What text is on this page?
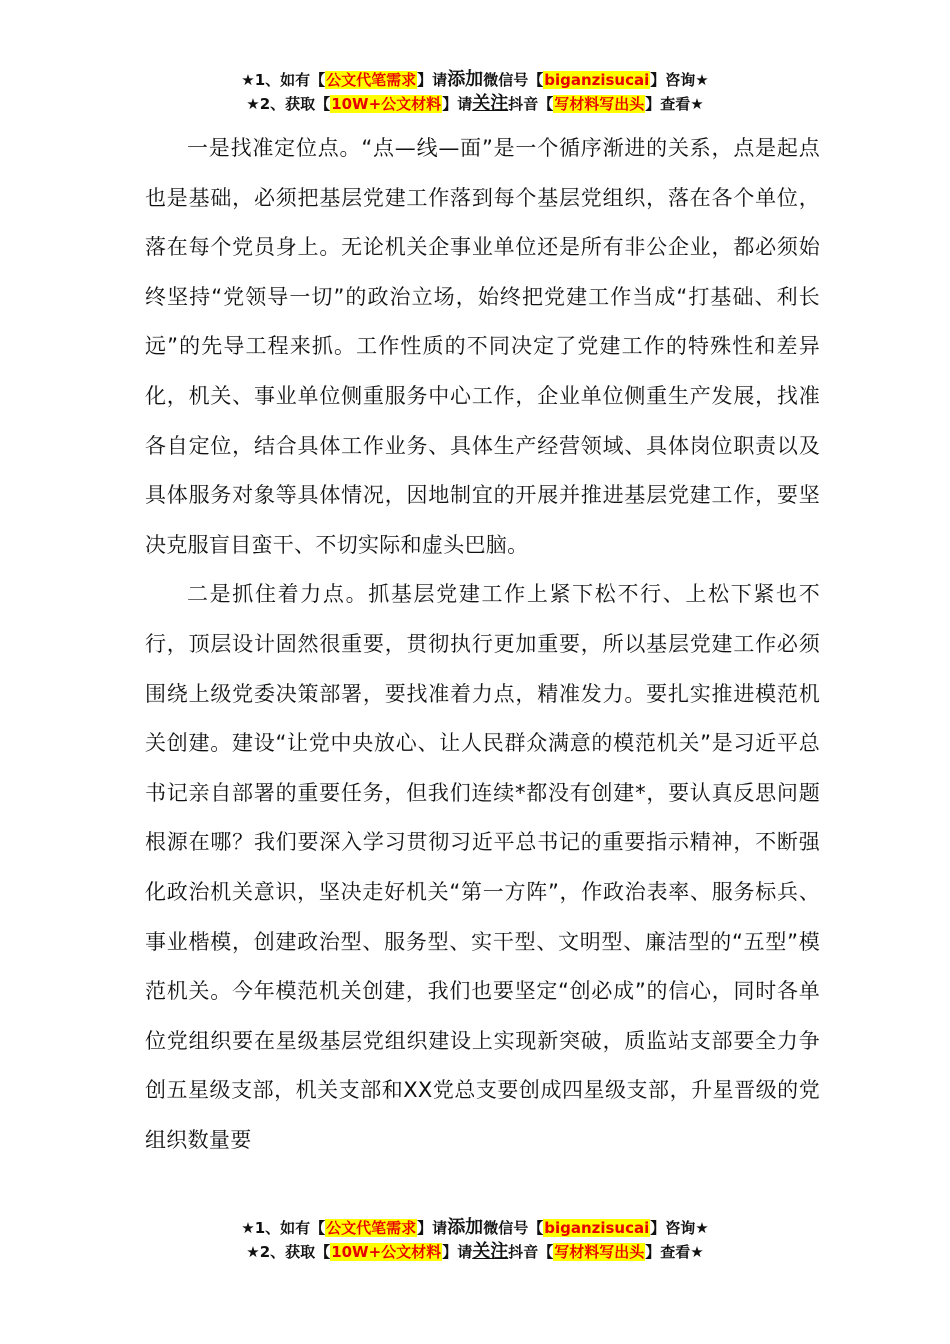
★1、如有【公文代笔需求】请添加微信号【biganzisucai】咨询★
★2、获取【10W+公文材料】请关注抖音【写材料写出头】查看★

一是找准定位点。“点—线—面”是一个循序渐进的关系，点是起点也是基础，必须把基层党建工作落到每个基层党组织，落在各个单位，落在每个党员身上。无论机关企事业单位还是所有非公企业，都必须始终坚持“党领导一切”的政治立场，始终把党建工作当成“打基础、利长远”的先导工程来抓。工作性质的不同决定了党建工作的特殊性和差异化，机关、事业单位侧重服务中心工作，企业单位侧重生产发展，找准各自定位，结合具体工作业务、具体生产经营领域、具体岗位职责以及具体服务对象等具体情况，因地制宜的开展并推进基层党建工作，要坚决克服盲目蛮干、不切实际和虚头巴脑。

二是抓住着力点。抓基层党建工作上紧下松不行、上松下紧也不行，顶层设计固然很重要，贯彻执行更加重要，所以基层党建工作必须围绕上级党委决策部署，要找准着力点，精准发力。要扎实推进模范机关创建。建设“让党中央放心、让人民群众满意的模范机关”是习近平总书记亲自部署的重要任务，但我们连续*都没有创建*，要认真反思问题根源在哪？我们要深入学习贯彻习近平总书记的重要指示精神，不断强化政治机关意识，坚决走好机关“第一方阵”，作政治表率、服务标兵、事业楷模，创建政治型、服务型、实干型、文明型、廉洁型的“五型”模范机关。今年模范机关创建，我们也要坚定“创必成”的信心，同时各单位党组织要在星级基层党组织建设上实现新突破，质监站支部要全力争创五星级支部，机关支部和XX党总支要创成四星级支部，升星晋级的党组织数量要

★1、如有【公文代笔需求】请添加微信号【biganzisucai】咨询★
★2、获取【10W+公文材料】请关注抖音【写材料写出头】查看★
